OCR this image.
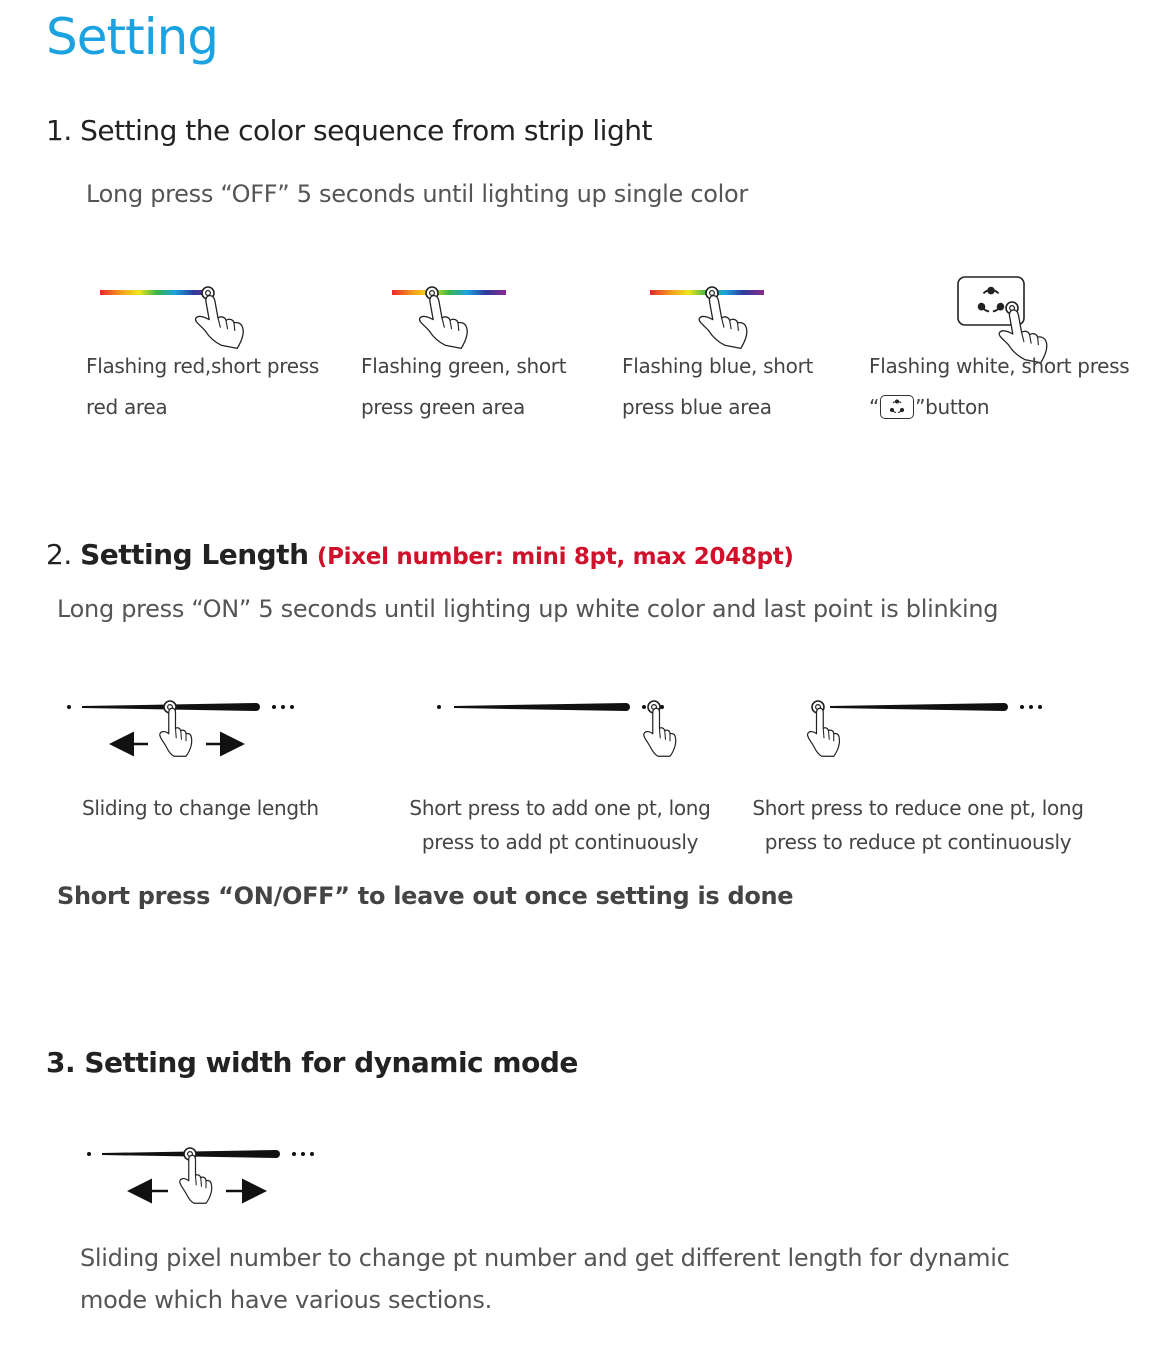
Setting
1. Setting the color sequence from strip light
Long press “OFF” 5 seconds until lighting up single color
Flashing red,short press
red area
Flashing green, short
press green area
Flashing blue, short
press blue area
Flashing white, short press
“ ”button
2. Setting Length (Pixel number: mini 8pt, max 2048pt)
Long press “ON” 5 seconds until lighting up white color and last point is blinking
Sliding to change length	Short press to add one pt, long
press to add pt continuously
Short press to reduce one pt, long
press to reduce pt continuously
Short press “ON/OFF” to leave out once setting is done
3. Setting width for dynamic mode
Sliding pixel number to change pt number and get different length for dynamic
mode which have various sections.
